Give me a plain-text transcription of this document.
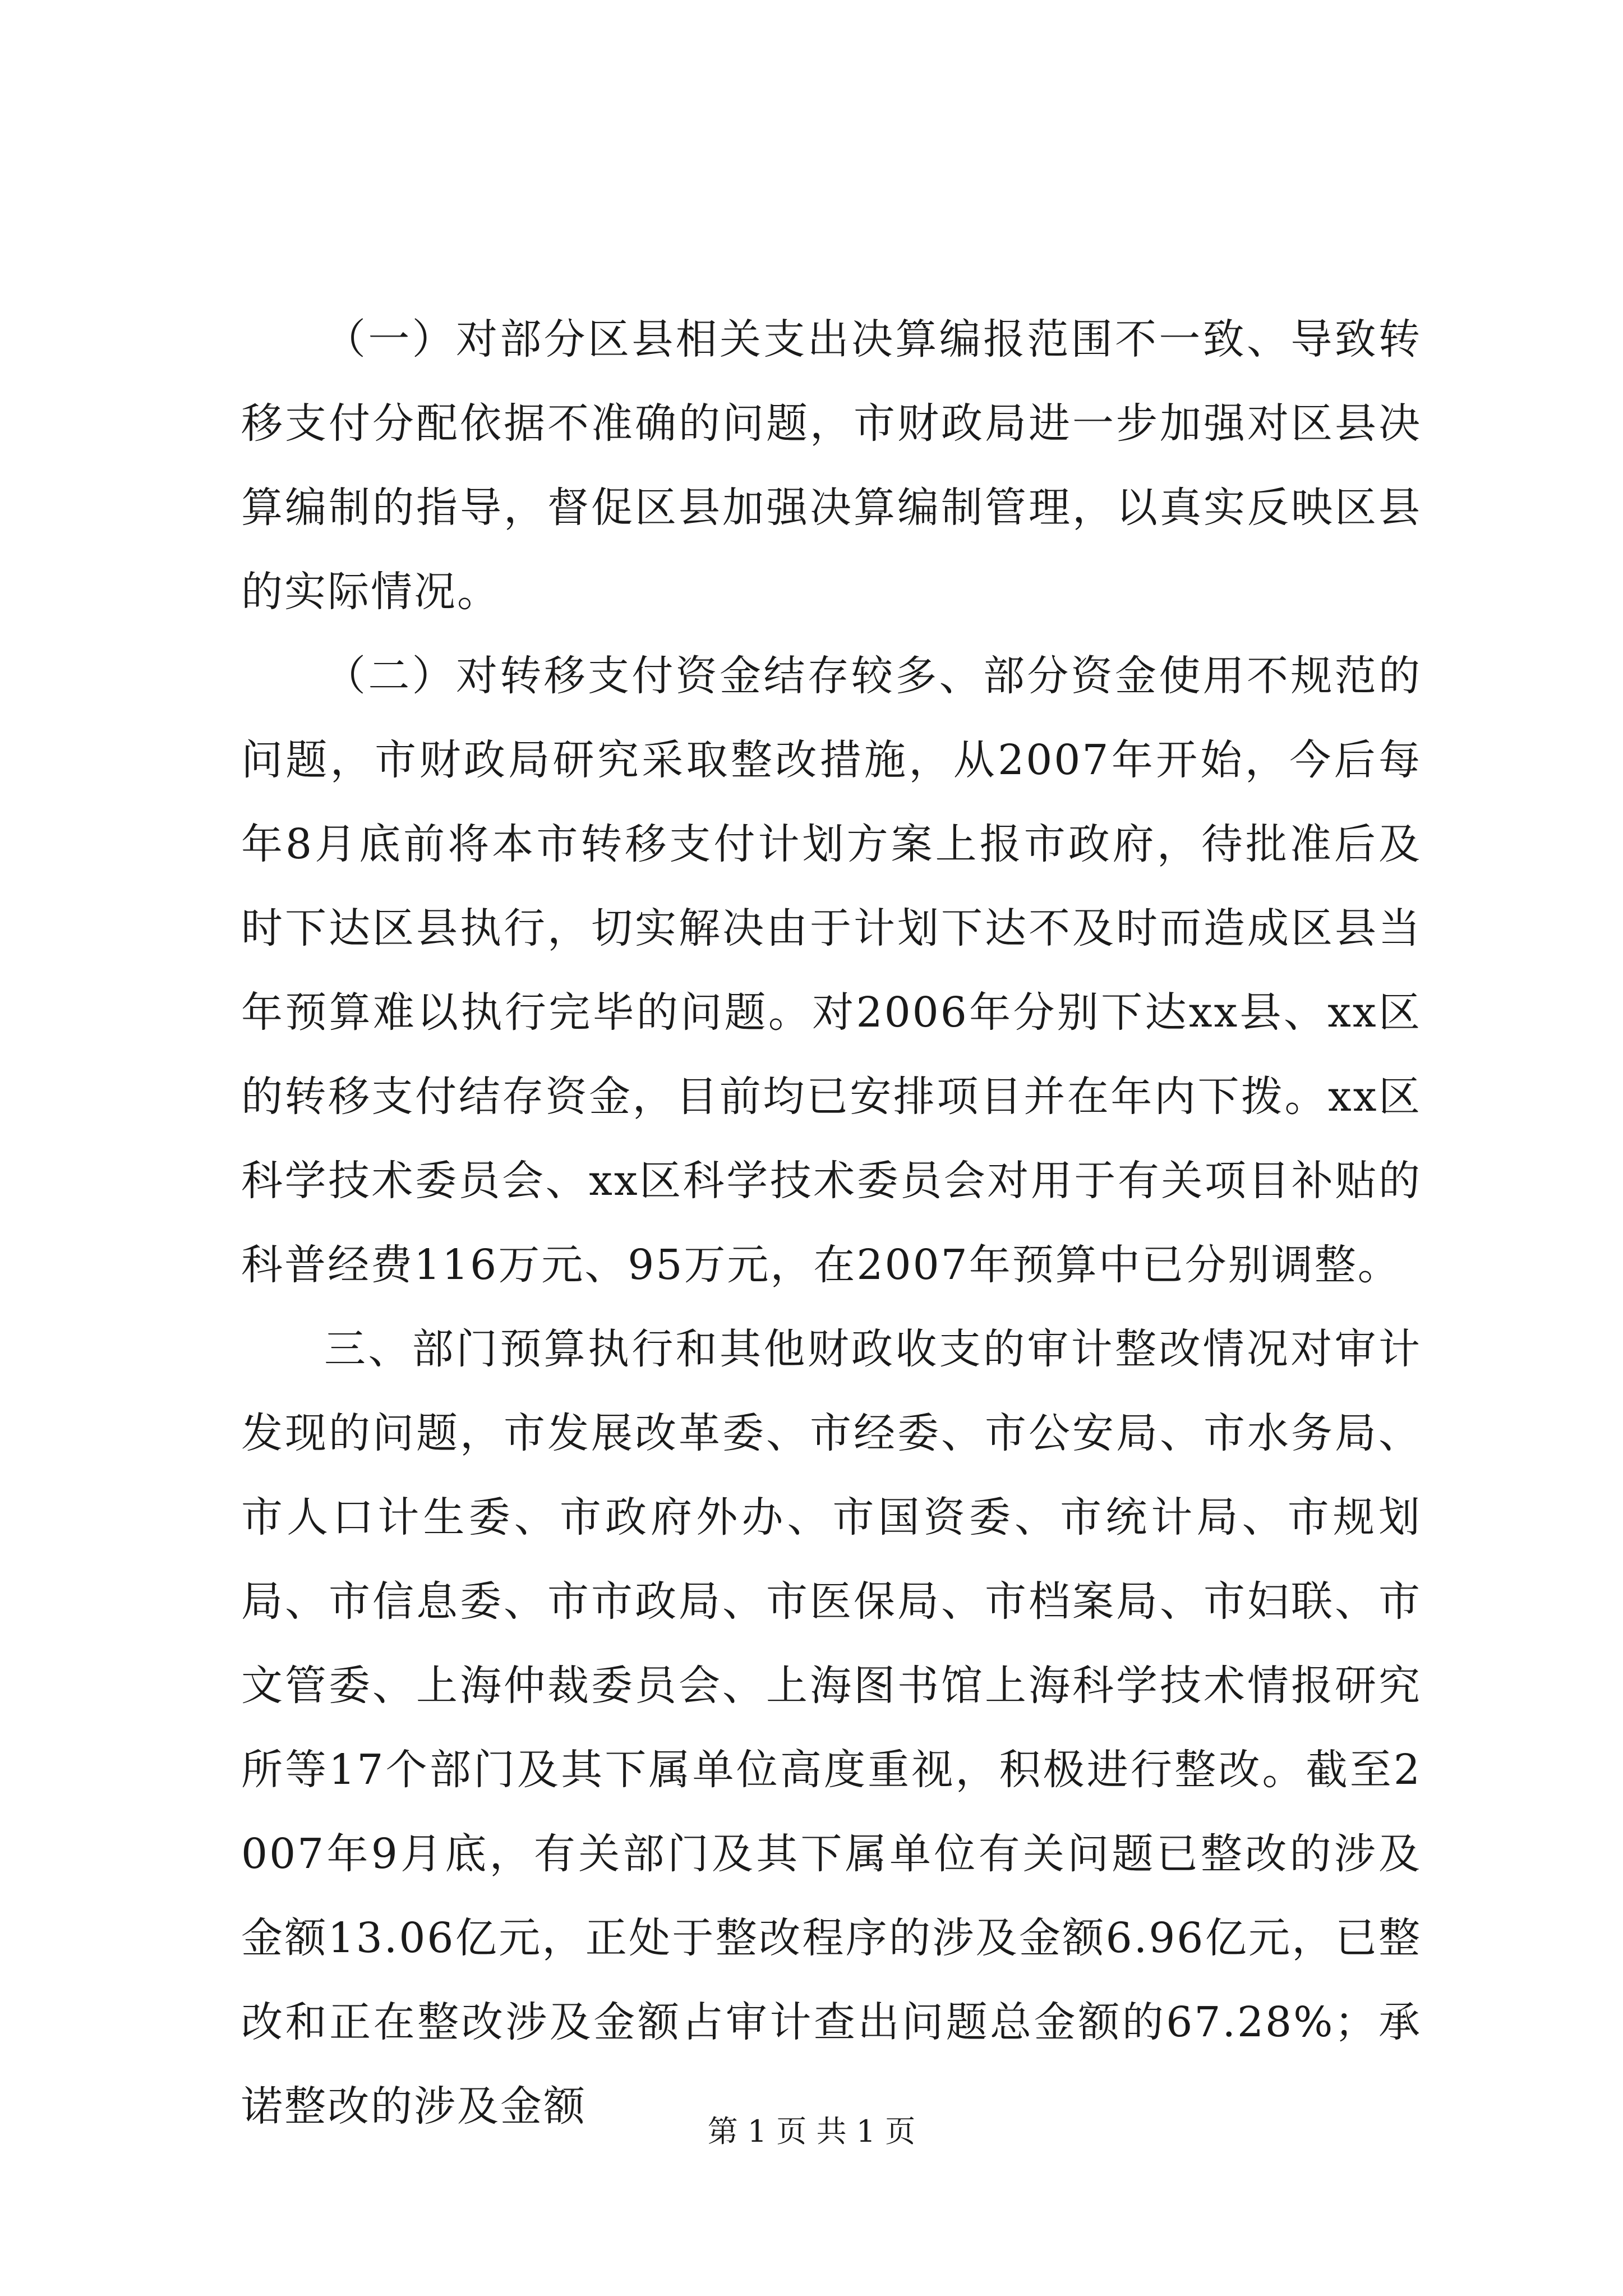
（一）对部分区县相关支出决算编报范围不一致、导致转移支付分配依据不准确的问题，市财政局进一步加强对区县决算编制的指导，督促区县加强决算编制管理，以真实反映区县的实际情况。

（二）对转移支付资金结存较多、部分资金使用不规范的问题，市财政局研究采取整改措施，从2007年开始，今后每年8月底前将本市转移支付计划方案上报市政府，待批准后及时下达区县执行，切实解决由于计划下达不及时而造成区县当年预算难以执行完毕的问题。对2006年分别下达xx县、xx区的转移支付结存资金，目前均已安排项目并在年内下拨。xx区科学技术委员会、xx区科学技术委员会对用于有关项目补贴的科普经费116万元、95万元，在2007年预算中已分别调整。

三、部门预算执行和其他财政收支的审计整改情况对审计发现的问题，市发展改革委、市经委、市公安局、市水务局、市人口计生委、市政府外办、市国资委、市统计局、市规划局、市信息委、市市政局、市医保局、市档案局、市妇联、市文管委、上海仲裁委员会、上海图书馆上海科学技术情报研究所等17个部门及其下属单位高度重视，积极进行整改。截至2007年9月底，有关部门及其下属单位有关问题已整改的涉及金额13.06亿元，正处于整改程序的涉及金额6.96亿元，已整改和正在整改涉及金额占审计查出问题总金额的67.28%；承诺整改的涉及金额

第 1 页 共 1 页
